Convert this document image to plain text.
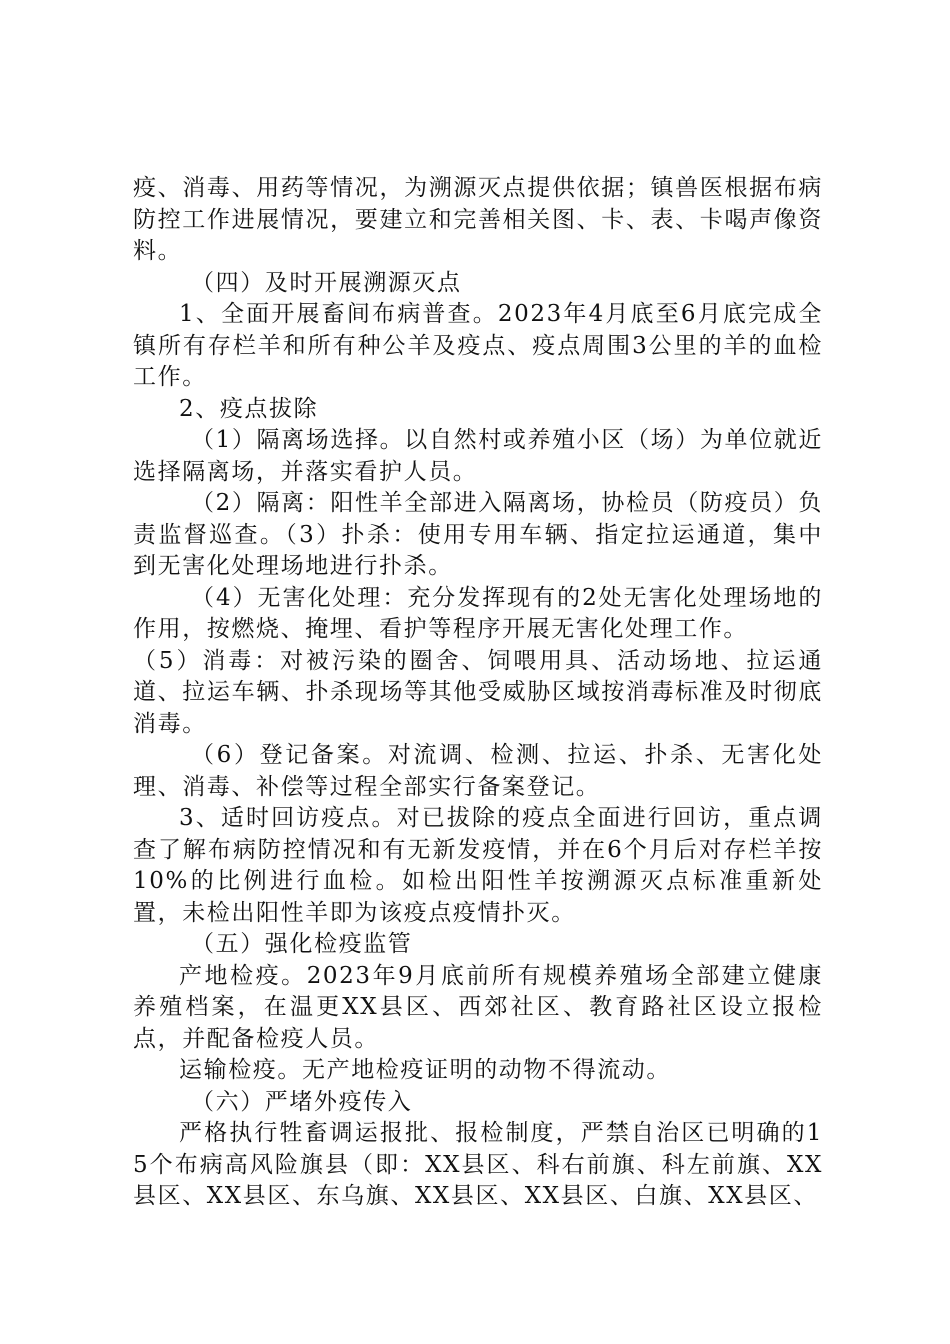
疫、消毒、用药等情况，为溯源灭点提供依据；镇兽医根据布病防控工作进展情况，要建立和完善相关图、卡、表、卡喝声像资料。

（四）及时开展溯源灭点

1、全面开展畜间布病普查。2023年4月底至6月底完成全镇所有存栏羊和所有种公羊及疫点、疫点周围3公里的羊的血检工作。

2、疫点拔除

（1）隔离场选择。以自然村或养殖小区（场）为单位就近选择隔离场，并落实看护人员。

（2）隔离：阳性羊全部进入隔离场，协检员（防疫员）负责监督巡查。（3）扑杀：使用专用车辆、指定拉运通道，集中到无害化处理场地进行扑杀。

（4）无害化处理：充分发挥现有的2处无害化处理场地的作用，按燃烧、掩埋、看护等程序开展无害化处理工作。

（5）消毒：对被污染的圈舍、饲喂用具、活动场地、拉运通道、拉运车辆、扑杀现场等其他受威胁区域按消毒标准及时彻底消毒。

（6）登记备案。对流调、检测、拉运、扑杀、无害化处理、消毒、补偿等过程全部实行备案登记。

3、适时回访疫点。对已拔除的疫点全面进行回访，重点调查了解布病防控情况和有无新发疫情，并在6个月后对存栏羊按10%的比例进行血检。如检出阳性羊按溯源灭点标准重新处置，未检出阳性羊即为该疫点疫情扑灭。

（五）强化检疫监管

产地检疫。2023年9月底前所有规模养殖场全部建立健康养殖档案，在温更XX县区、西郊社区、教育路社区设立报检点，并配备检疫人员。

运输检疫。无产地检疫证明的动物不得流动。

（六）严堵外疫传入

严格执行牲畜调运报批、报检制度，严禁自治区已明确的15个布病高风险旗县（即：XX县区、科右前旗、科左前旗、XX县区、XX县区、东乌旗、XX县区、XX县区、白旗、XX县区、
